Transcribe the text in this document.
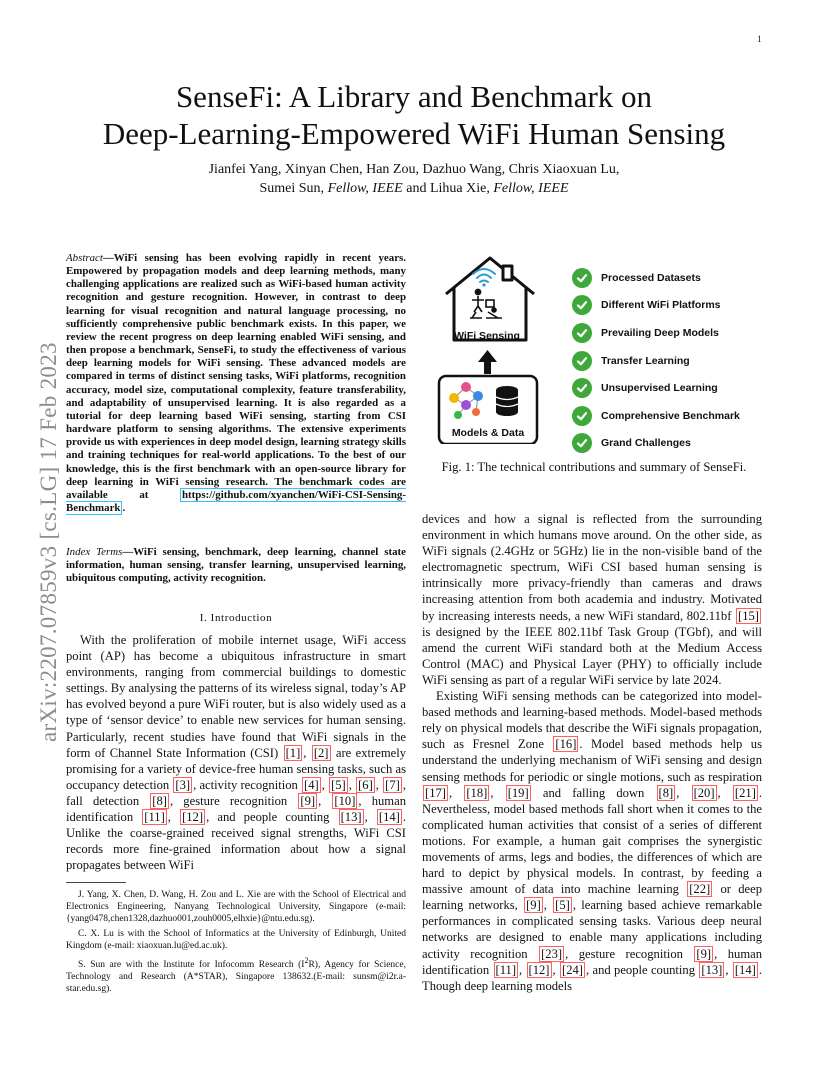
1
arXiv:2207.07859v3 [cs.LG] 17 Feb 2023
SenseFi: A Library and Benchmark on
Deep-Learning-Empowered WiFi Human Sensing
Jianfei Yang, Xinyan Chen, Han Zou, Dazhuo Wang, Chris Xiaoxuan Lu,
Sumei Sun, Fellow, IEEE and Lihua Xie, Fellow, IEEE
Abstract—WiFi sensing has been evolving rapidly in recent years. Empowered by propagation models and deep learning methods, many challenging applications are realized such as WiFi-based human activity recognition and gesture recognition. However, in contrast to deep learning for visual recognition and natural language processing, no sufficiently comprehensive public benchmark exists. In this paper, we review the recent progress on deep learning enabled WiFi sensing, and then propose a benchmark, SenseFi, to study the effectiveness of various deep learning models for WiFi sensing. These advanced models are compared in terms of distinct sensing tasks, WiFi platforms, recognition accuracy, model size, computational complexity, feature transferability, and adaptability of unsupervised learning. It is also regarded as a tutorial for deep learning based WiFi sensing, starting from CSI hardware platform to sensing algorithms. The extensive experiments provide us with experiences in deep model design, learning strategy skills and training techniques for real-world applications. To the best of our knowledge, this is the first benchmark with an open-source library for deep learning in WiFi sensing research. The benchmark codes are available at https://github.com/xyanchen/WiFi-CSI-Sensing-Benchmark .
Index Terms—WiFi sensing, benchmark, deep learning, channel state information, human sensing, transfer learning, unsupervised learning, ubiquitous computing, activity recognition.
I. Introduction

With the proliferation of mobile internet usage, WiFi access point (AP) has become a ubiquitous infrastructure in smart environments, ranging from commercial buildings to domestic settings. By analysing the patterns of its wireless signal, today’s AP has evolved beyond a pure WiFi router, but is also widely used as a type of ‘sensor device’ to enable new services for human sensing. Particularly, recent studies have found that WiFi signals in the form of Channel State Information (CSI) [1] , [2] are extremely promising for a variety of device-free human sensing tasks, such as occupancy detection [3] , activity recognition [4] , [5] , [6] , [7] , fall detection [8] , gesture recognition [9] , [10] , human identification [11] , [12] , and people counting [13] , [14] . Unlike the coarse-grained received signal strengths, WiFi CSI records more fine-grained information about how a signal propagates between WiFi

J. Yang, X. Chen, D. Wang, H. Zou and L. Xie are with the School of Electrical and Electronics Engineering, Nanyang Technological University, Singapore (e-mail: {yang0478,chen1328,dazhuo001,zouh0005,elhxie}@ntu.edu.sg).

C. X. Lu is with the School of Informatics at the University of Edinburgh, United Kingdom (e-mail: xiaoxuan.lu@ed.ac.uk).

S. Sun are with the Institute for Infocomm Research $(I^2R)$, Agency for Science, Technology and Research (A*STAR), Singapore 138632.(E-mail: sunsm@i2r.a-star.edu.sg).

WiFi Sensing
Models & Data
Processed Datasets
Different WiFi Platforms
Prevailing Deep Models
Transfer Learning
Unsupervised Learning
Comprehensive Benchmark
Grand Challenges
Fig. 1: The technical contributions and summary of SenseFi.

devices and how a signal is reflected from the surrounding environment in which humans move around. On the other side, as WiFi signals (2.4GHz or 5GHz) lie in the non-visible band of the electromagnetic spectrum, WiFi CSI based human sensing is intrinsically more privacy-friendly than cameras and draws increasing attention from both academia and industry. Motivated by increasing interests needs, a new WiFi standard, 802.11bf [15] is designed by the IEEE 802.11bf Task Group (TGbf), and will amend the current WiFi standard both at the Medium Access Control (MAC) and Physical Layer (PHY) to officially include WiFi sensing as part of a regular WiFi service by late 2024.

Existing WiFi sensing methods can be categorized into model-based methods and learning-based methods. Model-based methods rely on physical models that describe the WiFi signals propagation, such as Fresnel Zone [16] . Model based methods help us understand the underlying mechanism of WiFi sensing and design sensing methods for periodic or single motions, such as respiration [17] , [18] , [19] and falling down [8] , [20] , [21] . Nevertheless, model based methods fall short when it comes to the complicated human activities that consist of a series of different motions. For example, a human gait comprises the synergistic movements of arms, legs and bodies, the differences of which are hard to depict by physical models. In contrast, by feeding a massive amount of data into machine learning [22] or deep learning networks, [9] , [5] , learning based achieve remarkable performances in complicated sensing tasks. Various deep neural networks are designed to enable many applications including activity recognition [23] , gesture recognition [9] , human identification [11] , [12] , [24] , and people counting [13] , [14] . Though deep learning models
